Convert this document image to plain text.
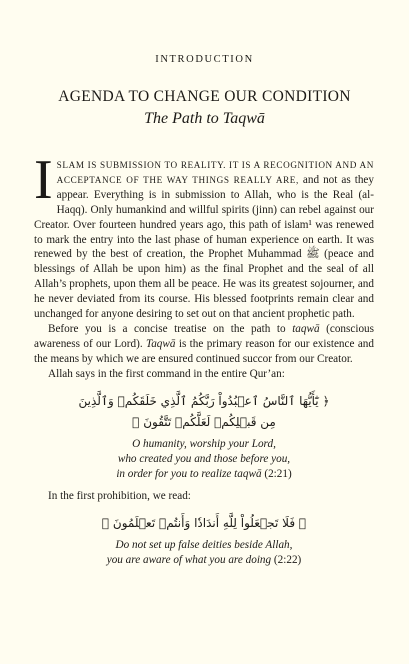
INTRODUCTION
AGENDA TO CHANGE OUR CONDITION
The Path to Taqwā

ISLAM IS SUBMISSION TO REALITY. IT IS A RECOGNITION AND AN ACCEPTANCE OF THE WAY THINGS REALLY ARE, and not as they appear. Everything is in submission to Allah, who is the Real (al-Haqq). Only humankind and willful spirits (jinn) can rebel against our Creator. Over fourteen hundred years ago, this path of islam¹ was renewed to mark the entry into the last phase of human experience on earth. It was renewed by the best of creation, the Prophet Muhammad ﷺ (peace and blessings of Allah be upon him) as the final Prophet and the seal of all Allah’s prophets, upon them all be peace. He was its greatest sojourner, and he never deviated from its course. His blessed footprints remain clear and unchanged for anyone desiring to set out on that ancient prophetic path.

Before you is a concise treatise on the path to taqwā (conscious awareness of our Lord). Taqwā is the primary reason for our existence and the means by which we are ensured continued succor from our Creator.

Allah says in the first command in the entire Qur’an:

﴿ يَٰٓأَيُّهَا ٱلنَّاسُ ٱعۡبُدُواْ رَبَّكُمُ ٱلَّذِي خَلَقَكُمۡ وَٱلَّذِينَ
مِن قَبۡلِكُمۡ لَعَلَّكُمۡ تَتَّقُونَ ﴾
O humanity, worship your Lord,
who created you and those before you,
in order for you to realize taqwā (2:21)

In the first prohibition, we read:

﴿ فَلَا تَجۡعَلُواْ لِلَّهِ أَندَادٗا وَأَنتُمۡ تَعۡلَمُونَ ﴾
Do not set up false deities beside Allah,
you are aware of what you are doing (2:22)
